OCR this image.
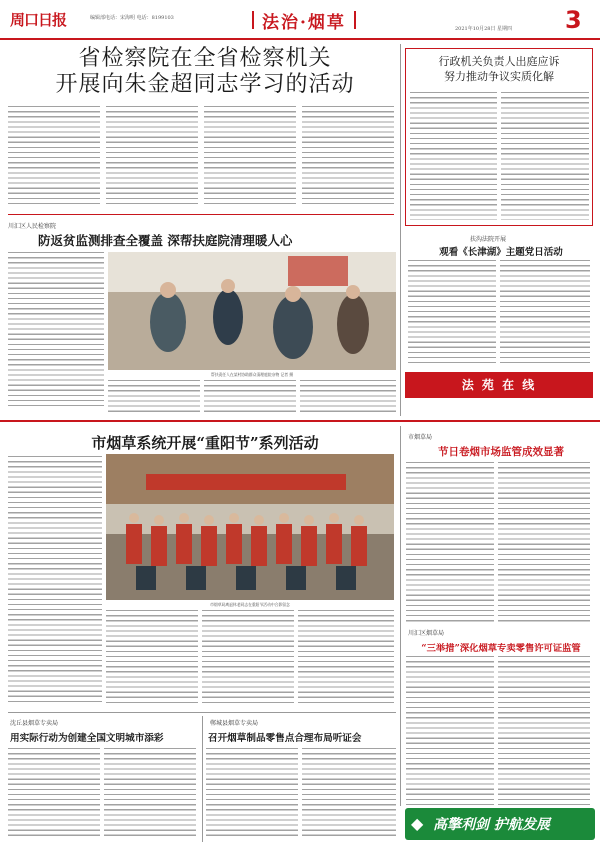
周口日报	编辑部电话：宋海明 电话：8199103	法治·烟草	2021年10月28日 星期四 3
省检察院在全省检察机关
开展向朱金超同志学习的活动
川汇区人民检察院
防返贫监测排查全覆盖 深帮扶庭院清理暖人心
帮扶责任人在某村协助群众清理庭院杂物 记者 摄
行政机关负责人出庭应诉
努力推动争议实质化解
扶沟法院开展
观看《长津湖》主题党日活动
法 苑 在 线
市烟草系统开展“重阳节”系列活动
市烟草局离退休老同志在重阳节活动中合影留念
市烟草局
节日卷烟市场监管成效显著
川汇区烟草局
“三举措”深化烟草专卖零售许可证监管
沈丘县烟草专卖局
用实际行动为创建全国文明城市添彩
郸城县烟草专卖局
召开烟草制品零售点合理布局听证会
◆ 高擎利剑 护航发展
